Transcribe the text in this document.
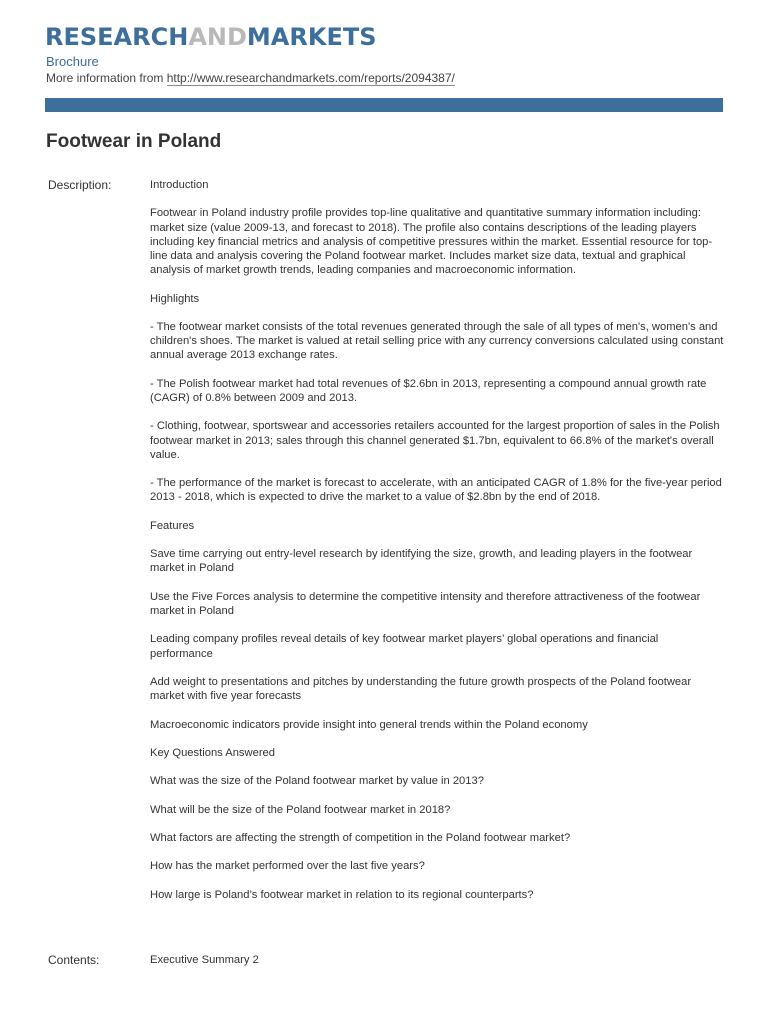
RESEARCHANDMARKETS
Brochure
More information from http://www.researchandmarkets.com/reports/2094387/
Footwear in Poland
Description:	Introduction

Footwear in Poland industry profile provides top-line qualitative and quantitative summary information including: market size (value 2009-13, and forecast to 2018). The profile also contains descriptions of the leading players including key financial metrics and analysis of competitive pressures within the market. Essential resource for top-line data and analysis covering the Poland footwear market. Includes market size data, textual and graphical analysis of market growth trends, leading companies and macroeconomic information.

Highlights

- The footwear market consists of the total revenues generated through the sale of all types of men's, women's and children's shoes. The market is valued at retail selling price with any currency conversions calculated using constant annual average 2013 exchange rates.

- The Polish footwear market had total revenues of $2.6bn in 2013, representing a compound annual growth rate (CAGR) of 0.8% between 2009 and 2013.

- Clothing, footwear, sportswear and accessories retailers accounted for the largest proportion of sales in the Polish footwear market in 2013; sales through this channel generated $1.7bn, equivalent to 66.8% of the market's overall value.

- The performance of the market is forecast to accelerate, with an anticipated CAGR of 1.8% for the five-year period 2013 - 2018, which is expected to drive the market to a value of $2.8bn by the end of 2018.

Features

Save time carrying out entry-level research by identifying the size, growth, and leading players in the footwear market in Poland

Use the Five Forces analysis to determine the competitive intensity and therefore attractiveness of the footwear market in Poland

Leading company profiles reveal details of key footwear market players’ global operations and financial performance

Add weight to presentations and pitches by understanding the future growth prospects of the Poland footwear market with five year forecasts

Macroeconomic indicators provide insight into general trends within the Poland economy

Key Questions Answered

What was the size of the Poland footwear market by value in 2013?

What will be the size of the Poland footwear market in 2018?

What factors are affecting the strength of competition in the Poland footwear market?

How has the market performed over the last five years?

How large is Poland’s footwear market in relation to its regional counterparts?

Contents:	Executive Summary 2
